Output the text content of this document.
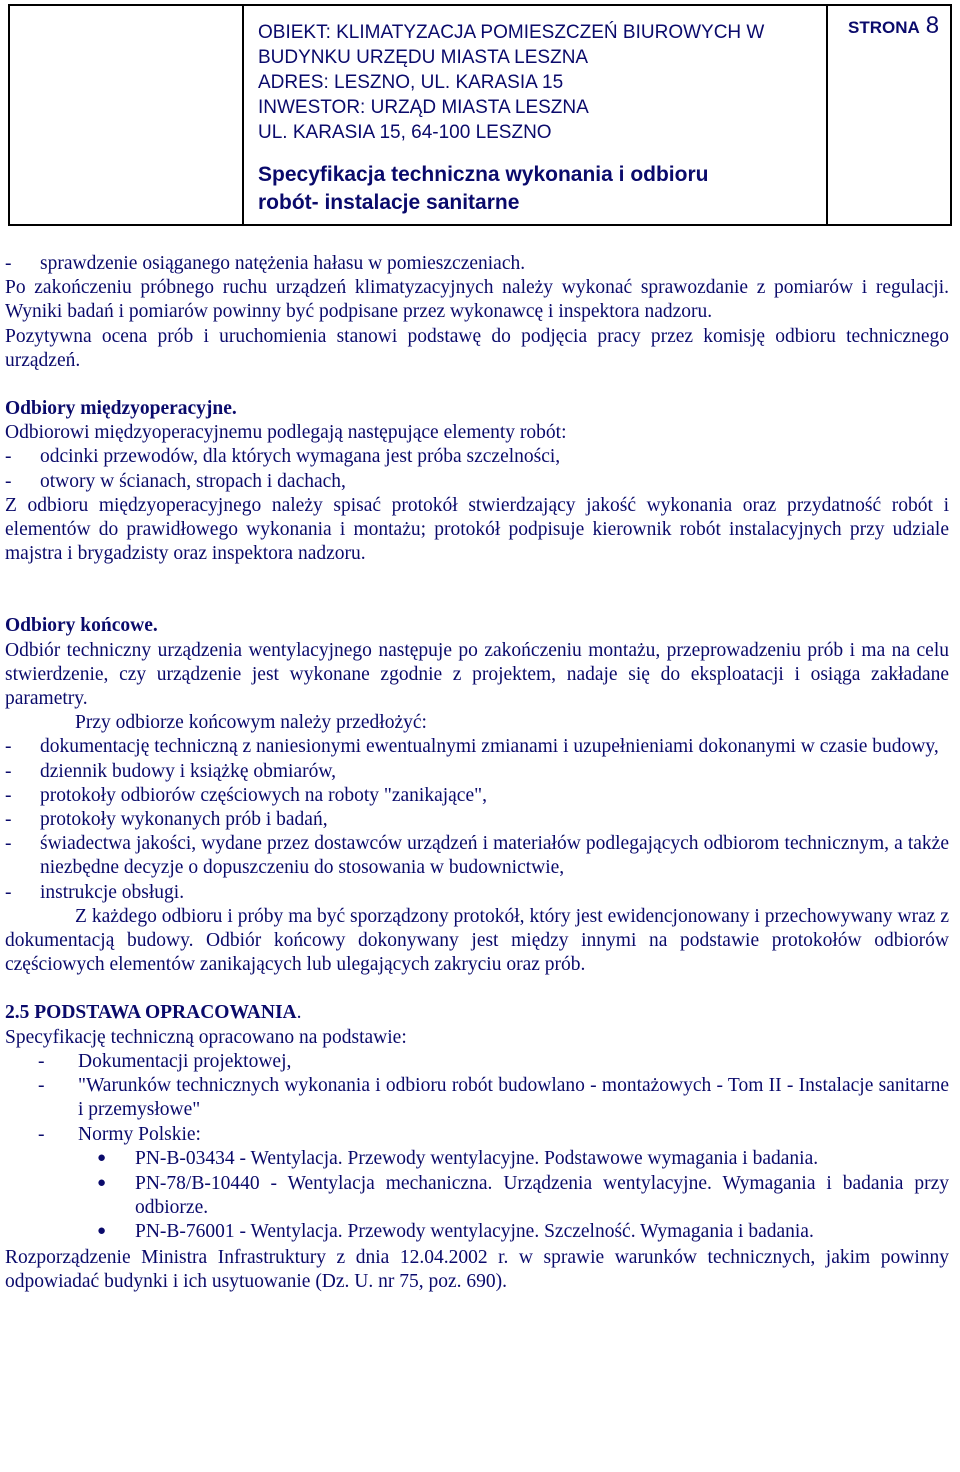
OBIEKT: KLIMATYZACJA POMIESZCZEŃ BIUROWYCH W
BUDYNKU URZĘDU MIASTA LESZNA
ADRES: LESZNO, UL. KARASIA 15
INWESTOR: URZĄD MIASTA LESZNA
UL. KARASIA 15, 64-100 LESZNO
Specyfikacja techniczna wykonania i odbioru
robót- instalacje sanitarne
STRONA 8
-	sprawdzenie osiąganego natężenia hałasu w pomieszczeniach.

Po zakończeniu próbnego ruchu urządzeń klimatyzacyjnych należy wykonać sprawozdanie z pomiarów i regulacji. Wyniki badań i pomiarów powinny być podpisane przez wykonawcę i inspektora nadzoru.

Pozytywna ocena prób i uruchomienia stanowi podstawę do podjęcia pracy przez komisję odbioru technicznego urządzeń.

Odbiory międzyoperacyjne.

Odbiorowi międzyoperacyjnemu podlegają następujące elementy robót:

-	odcinki przewodów, dla których wymagana jest próba szczelności,
-	otwory w ścianach, stropach i dachach,

Z odbioru międzyoperacyjnego należy spisać protokół stwierdzający jakość wykonania oraz przydatność robót i elementów do prawidłowego wykonania i montażu; protokół podpisuje kierownik robót instalacyjnych przy udziale majstra i brygadzisty oraz inspektora nadzoru.

Odbiory końcowe.

Odbiór techniczny urządzenia wentylacyjnego następuje po zakończeniu montażu, przeprowadzeniu prób i ma na celu stwierdzenie, czy urządzenie jest wykonane zgodnie z projektem, nadaje się do eksploatacji i osiąga zakładane parametry.

Przy odbiorze końcowym należy przedłożyć:

-	dokumentację techniczną z naniesionymi ewentualnymi zmianami i uzupełnieniami dokonanymi w czasie budowy,
-	dziennik budowy i książkę obmiarów,
-	protokoły odbiorów częściowych na roboty "zanikające",
-	protokoły wykonanych prób i badań,
-	świadectwa jakości, wydane przez dostawców urządzeń i materiałów podlegających odbiorom technicznym, a także niezbędne decyzje o dopuszczeniu do stosowania w budownictwie,
-	instrukcje obsługi.

Z każdego odbioru i próby ma być sporządzony protokół, który jest ewidencjonowany i przechowywany wraz z dokumentacją budowy. Odbiór końcowy dokonywany jest między innymi na podstawie protokołów odbiorów częściowych elementów zanikających lub ulegających zakryciu oraz prób.

2.5 PODSTAWA OPRACOWANIA.

Specyfikację techniczną opracowano na podstawie:

-	Dokumentacji projektowej,
-	"Warunków technicznych wykonania i odbioru robót budowlano - montażowych - Tom II - Instalacje sanitarne i przemysłowe"
-	Normy Polskie:
●
PN-B-03434 - Wentylacja. Przewody wentylacyjne. Podstawowe wymagania i badania.
●
PN-78/B-10440 - Wentylacja mechaniczna. Urządzenia wentylacyjne. Wymagania i badania przy odbiorze.
●
PN-B-76001 - Wentylacja. Przewody wentylacyjne. Szczelność. Wymagania i badania.

Rozporządzenie Ministra Infrastruktury z dnia 12.04.2002 r. w sprawie warunków technicznych, jakim powinny odpowiadać budynki i ich usytuowanie (Dz. U. nr 75, poz. 690).
